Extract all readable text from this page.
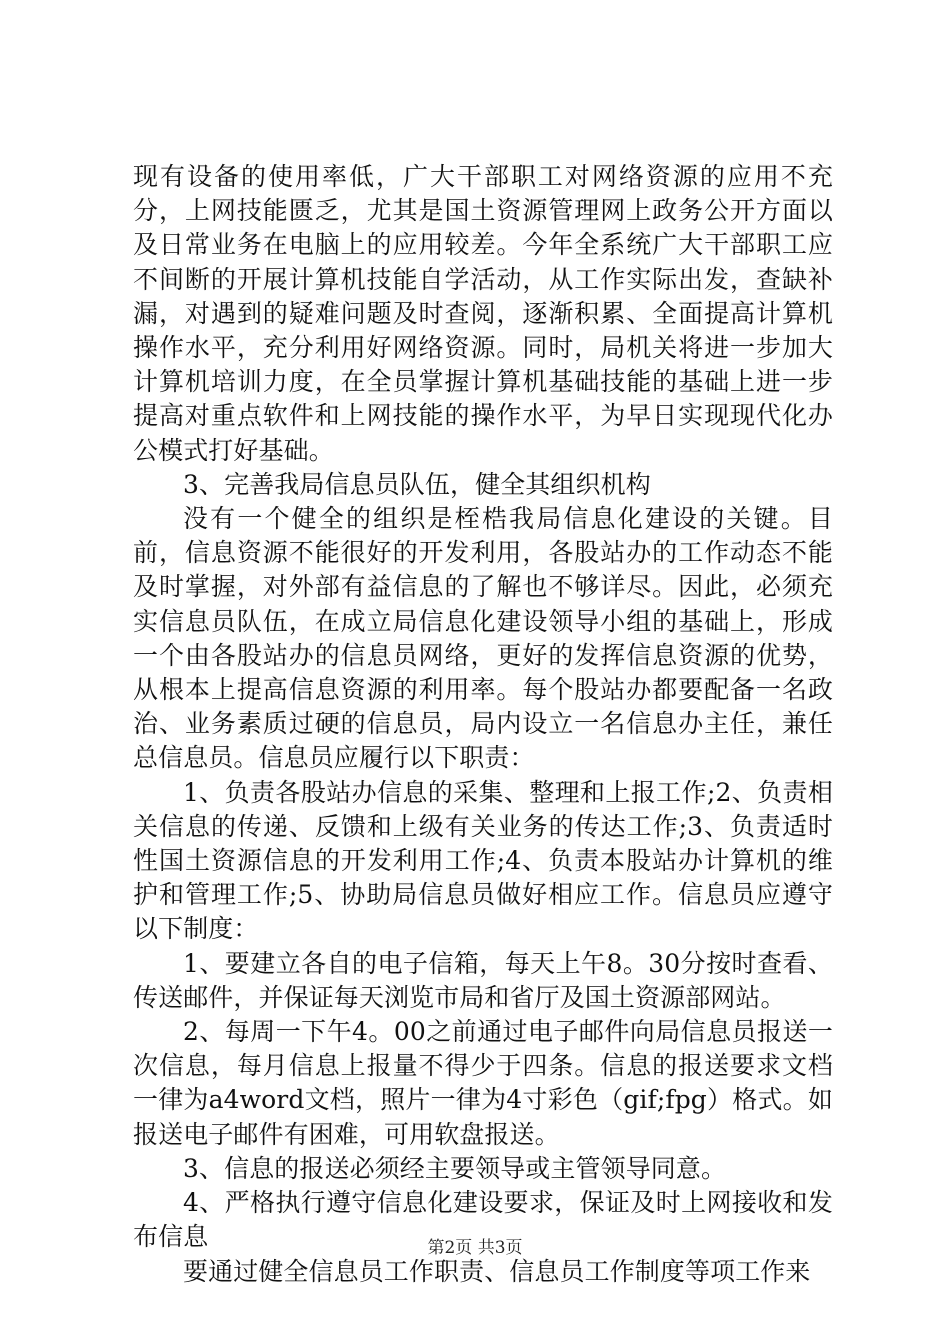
现有设备的使用率低，广大干部职工对网络资源的应用不充分，上网技能匮乏，尤其是国土资源管理网上政务公开方面以及日常业务在电脑上的应用较差。今年全系统广大干部职工应不间断的开展计算机技能自学活动，从工作实际出发，查缺补漏，对遇到的疑难问题及时查阅，逐渐积累、全面提高计算机操作水平，充分利用好网络资源。同时，局机关将进一步加大计算机培训力度，在全员掌握计算机基础技能的基础上进一步提高对重点软件和上网技能的操作水平，为早日实现现代化办公模式打好基础。

3、完善我局信息员队伍，健全其组织机构

没有一个健全的组织是桎梏我局信息化建设的关键。目前，信息资源不能很好的开发利用，各股站办的工作动态不能及时掌握，对外部有益信息的了解也不够详尽。因此，必须充实信息员队伍，在成立局信息化建设领导小组的基础上，形成一个由各股站办的信息员网络，更好的发挥信息资源的优势，从根本上提高信息资源的利用率。每个股站办都要配备一名政治、业务素质过硬的信息员，局内设立一名信息办主任，兼任总信息员。信息员应履行以下职责：

1、负责各股站办信息的采集、整理和上报工作;2、负责相关信息的传递、反馈和上级有关业务的传达工作;3、负责适时性国土资源信息的开发利用工作;4、负责本股站办计算机的维护和管理工作;5、协助局信息员做好相应工作。信息员应遵守以下制度：

1、要建立各自的电子信箱，每天上午8。30分按时查看、传送邮件，并保证每天浏览市局和省厅及国土资源部网站。

2、每周一下午4。00之前通过电子邮件向局信息员报送一次信息，每月信息上报量不得少于四条。信息的报送要求文档一律为a4word文档，照片一律为4寸彩色（gif;fpg）格式。如报送电子邮件有困难，可用软盘报送。

3、信息的报送必须经主要领导或主管领导同意。

4、严格执行遵守信息化建设要求，保证及时上网接收和发布信息

要通过健全信息员工作职责、信息员工作制度等项工作来

第2页 共3页
